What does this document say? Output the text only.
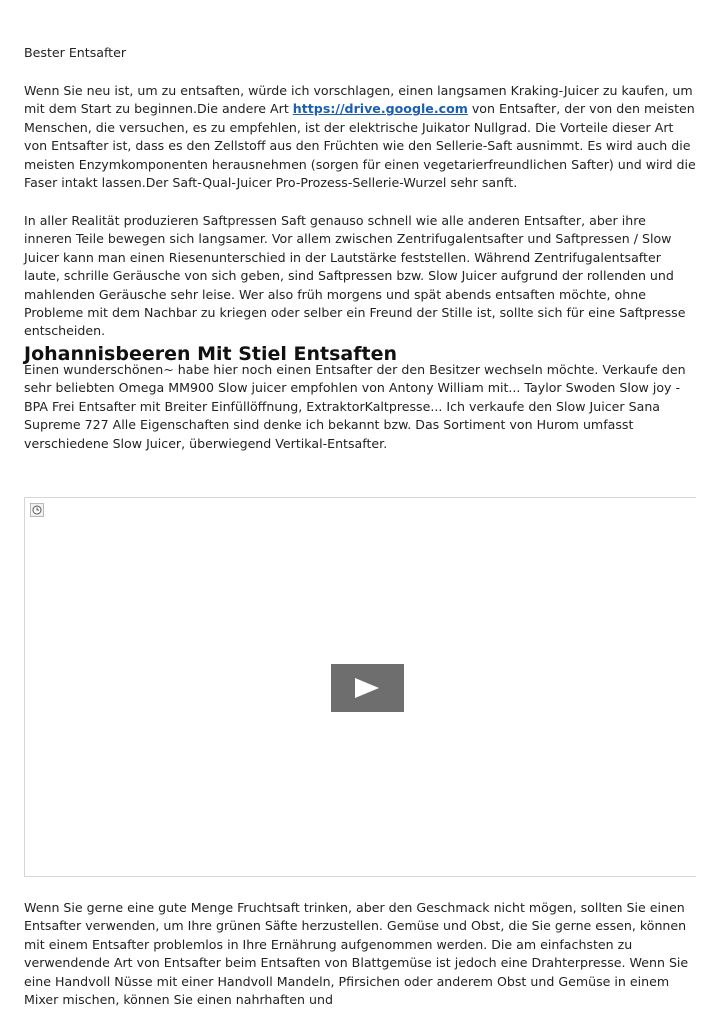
Bester Entsafter

Wenn Sie neu ist, um zu entsaften, würde ich vorschlagen, einen langsamen Kraking-Juicer zu kaufen, um mit dem Start zu beginnen.Die andere Art https://drive.google.com von Entsafter, der von den meisten Menschen, die versuchen, es zu empfehlen, ist der elektrische Juikator Nullgrad. Die Vorteile dieser Art von Entsafter ist, dass es den Zellstoff aus den Früchten wie den Sellerie-Saft ausnimmt. Es wird auch die meisten Enzymkomponenten herausnehmen (sorgen für einen vegetarierfreundlichen Safter) und wird die Faser intakt lassen.Der Saft-Qual-Juicer Pro-Prozess-Sellerie-Wurzel sehr sanft.

In aller Realität produzieren Saftpressen Saft genauso schnell wie alle anderen Entsafter, aber ihre inneren Teile bewegen sich langsamer. Vor allem zwischen Zentrifugalentsafter und Saftpressen / Slow Juicer kann man einen Riesenunterschied in der Lautstärke feststellen. Während Zentrifugalentsafter laute, schrille Geräusche von sich geben, sind Saftpressen bzw. Slow Juicer aufgrund der rollenden und mahlenden Geräusche sehr leise. Wer also früh morgens und spät abends entsaften möchte, ohne Probleme mit dem Nachbar zu kriegen oder selber ein Freund der Stille ist, sollte sich für eine Saftpresse entscheiden.

Johannisbeeren Mit Stiel Entsaften

Einen wunderschönen~ habe hier noch einen Entsafter der den Besitzer wechseln möchte. Verkaufe den sehr beliebten Omega MM900 Slow juicer empfohlen von Antony William mit... Taylor Swoden Slow joy - BPA Frei Entsafter mit Breiter Einfüllöffnung, ExtraktorKaltpresse... Ich verkaufe den Slow Juicer Sana Supreme 727 Alle Eigenschaften sind denke ich bekannt bzw. Das Sortiment von Hurom umfasst verschiedene Slow Juicer, überwiegend Vertikal-Entsafter.

Wenn Sie gerne eine gute Menge Fruchtsaft trinken, aber den Geschmack nicht mögen, sollten Sie einen Entsafter verwenden, um Ihre grünen Säfte herzustellen. Gemüse und Obst, die Sie gerne essen, können mit einem Entsafter problemlos in Ihre Ernährung aufgenommen werden. Die am einfachsten zu verwendende Art von Entsafter beim Entsaften von Blattgemüse ist jedoch eine Drahterpresse. Wenn Sie eine Handvoll Nüsse mit einer Handvoll Mandeln, Pfirsichen oder anderem Obst und Gemüse in einem Mixer mischen, können Sie einen nahrhaften und
